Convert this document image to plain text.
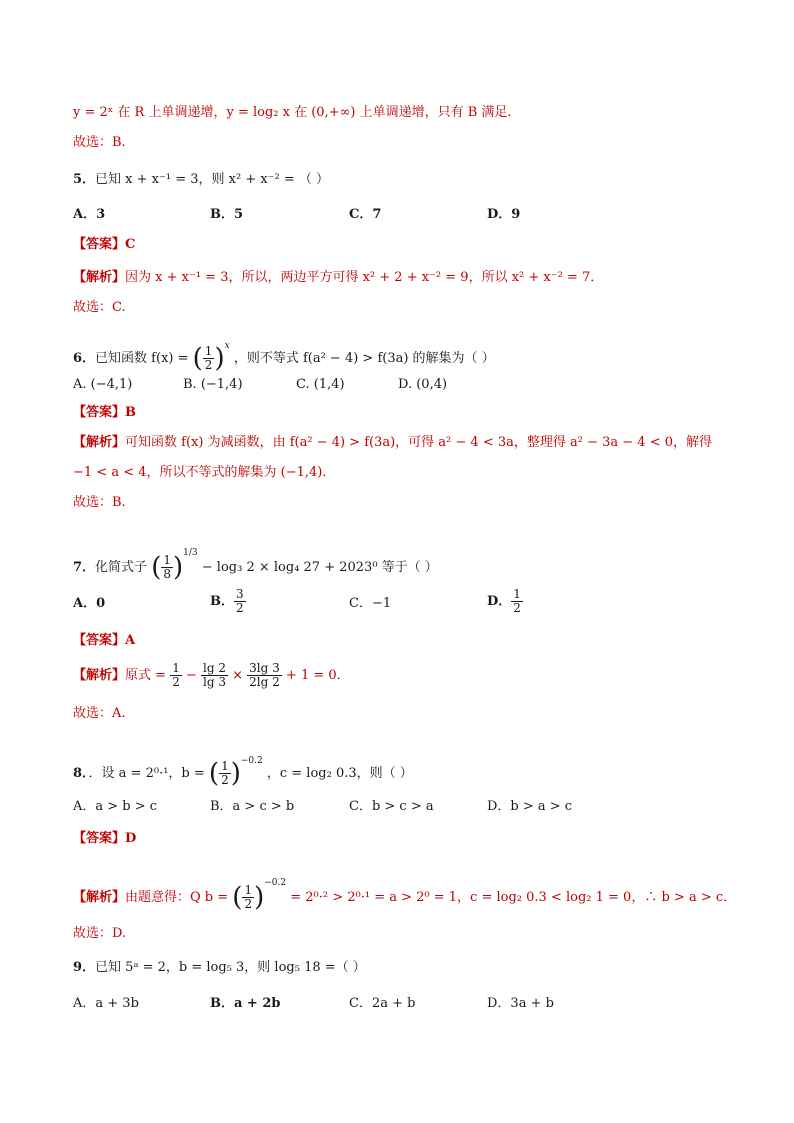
y = 2ˣ 在 R 上单调递增，y = log₂ x 在 (0,+∞) 上单调递增，只有 B 满足.
故选：B.
5．已知 x + x⁻¹ = 3，则 x² + x⁻² = （ ）
A．3	B．5	C．7	D．9
【答案】C
【解析】因为 x + x⁻¹ = 3，所以，两边平方可得 x² + 2 + x⁻² = 9，所以 x² + x⁻² = 7．
故选：C.
6．已知函数 f(x) = ( $\frac{1}{2} )^x$ ，则不等式 f(a² − 4) > f(3a) 的解集为（ ）
A. (−4,1)	B. (−1,4)	C. (1,4)	D. (0,4)
【答案】B
【解析】可知函数 f(x) 为减函数，由 f(a² − 4) > f(3a)，可得 a² − 4 < 3a，整理得 a² − 3a − 4 < 0，解得
−1 < a < 4，所以不等式的解集为 (−1,4)．
故选：B.
7．化简式子 ( $\frac{1}{8} )^{1/3} - \log_3$ 2 × log₄ 27 + 2023⁰ 等于（ ）
A．0	B． $\frac{3}{2}$	C．−1	D． $\frac{1}{2}$
【答案】A
【解析】原式 = $\frac{1}{2} - \frac{\lg 2}{\lg 3} \times \frac{3\lg 3}{2\lg 2} + 1 = 0$．
故选：A.
8．．设 a = 2⁰·¹，b = ( $\frac{1}{2} )^{-0.2}$ ，c = log₂ 0.3，则（ ）
A．a > b > c	B．a > c > b	C．b > c > a	D．b > a > c
【答案】D
【解析】由题意得：Q b = ( $\frac{1}{2} )^{-0.2} = 2^0\cdot^2 > 2^0\cdot^1 = a > 2^0 = 1$，c = log₂ 0.3 < log₂ 1 = 0，∴ b > a > c．
故选：D.
9．已知 5ᵃ = 2，b = log₅ 3，则 log₅ 18 =（ ）
A．a + 3b	B．a + 2b	C．2a + b	D．3a + b
